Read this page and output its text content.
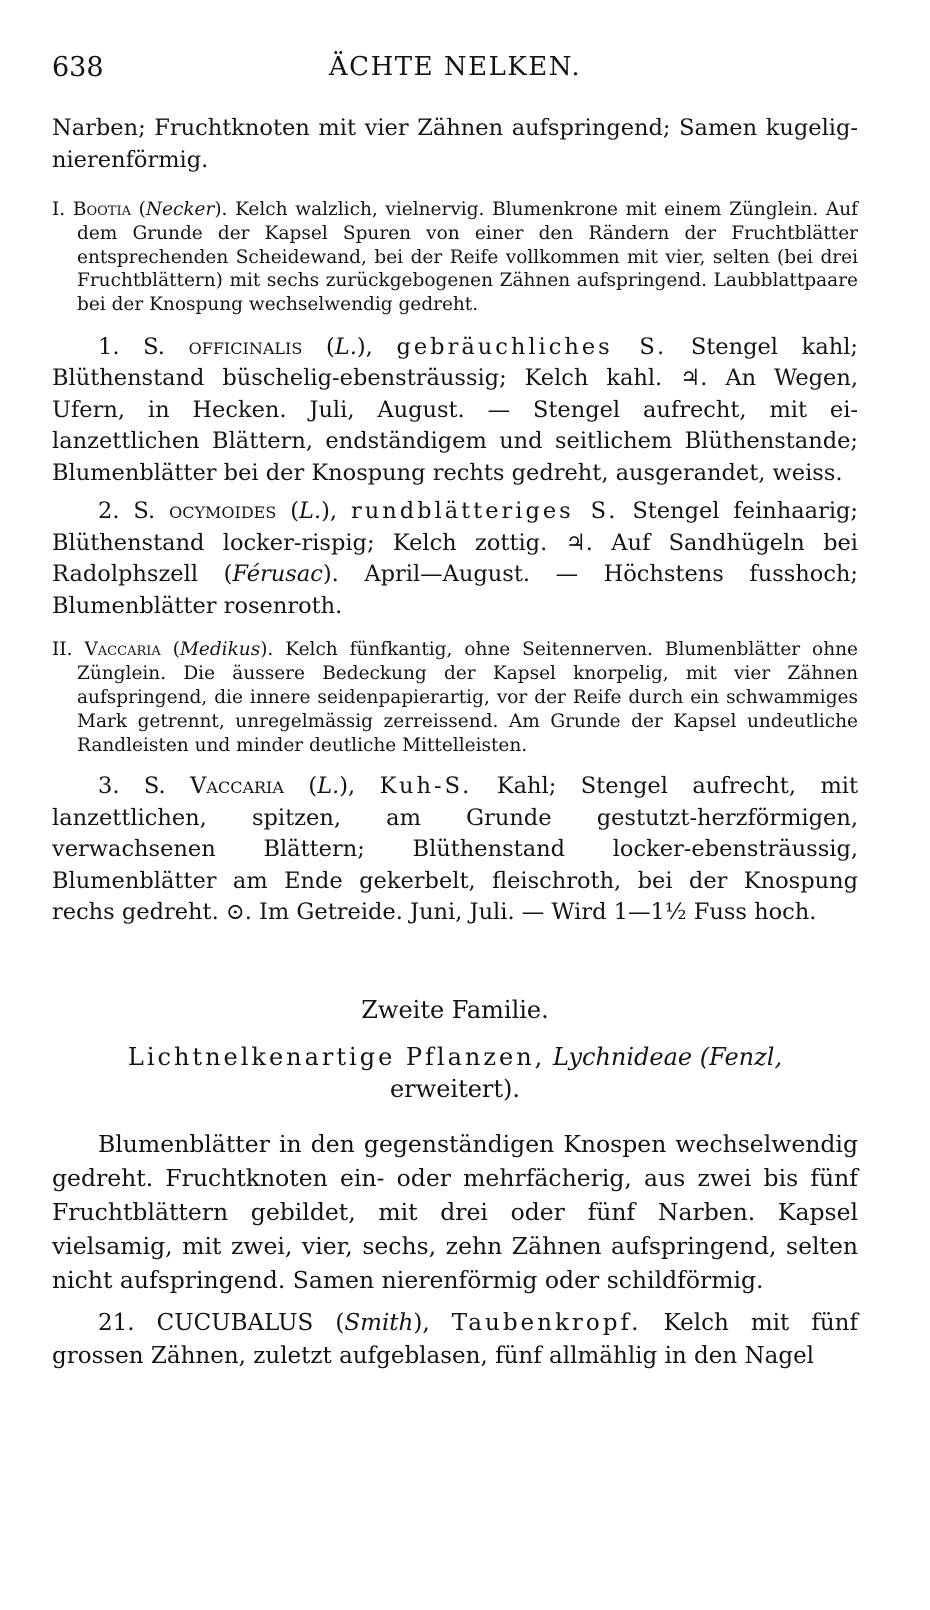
638	ÄCHTE NELKEN.

Narben; Fruchtknoten mit vier Zähnen aufspringend; Samen kugelig-nierenförmig.

I. Bootia (Necker). Kelch walzlich, vielnervig. Blumenkrone mit einem Zünglein. Auf dem Grunde der Kapsel Spuren von einer den Rändern der Fruchtblätter entsprechenden Scheidewand, bei der Reife vollkommen mit vier, selten (bei drei Fruchtblättern) mit sechs zurückgebogenen Zähnen aufspringend. Laubblattpaare bei der Knospung wechselwendig gedreht.

1. S. officinalis (L.), gebräuchliches S. Stengel kahl; Blüthenstand büschelig-ebensträussig; Kelch kahl. ♃. An Wegen, Ufern, in Hecken. Juli, August. — Stengel aufrecht, mit ei-lanzettlichen Blättern, endständigem und seitlichem Blüthenstande; Blumenblätter bei der Knospung rechts gedreht, ausgerandet, weiss.

2. S. ocymoides (L.), rundblätteriges S. Stengel feinhaarig; Blüthenstand locker-rispig; Kelch zottig. ♃. Auf Sandhügeln bei Radolphszell (Férusac). April—August. — Höchstens fusshoch; Blumenblätter rosenroth.

II. Vaccaria (Medikus). Kelch fünfkantig, ohne Seitennerven. Blumenblätter ohne Zünglein. Die äussere Bedeckung der Kapsel knorpelig, mit vier Zähnen aufspringend, die innere seidenpapierartig, vor der Reife durch ein schwammiges Mark getrennt, unregelmässig zerreissend. Am Grunde der Kapsel undeutliche Randleisten und minder deutliche Mittelleisten.

3. S. Vaccaria (L.), Kuh-S. Kahl; Stengel aufrecht, mit lanzettlichen, spitzen, am Grunde gestutzt-herzförmigen, verwachsenen Blättern; Blüthenstand locker-ebensträussig, Blumenblätter am Ende gekerbelt, fleischroth, bei der Knospung rechs gedreht. ⊙. Im Getreide. Juni, Juli. — Wird 1—1½ Fuss hoch.

Zweite Familie.
Lichtnelkenartige Pflanzen, Lychnideae (Fenzl,
erweitert).

Blumenblätter in den gegenständigen Knospen wechselwendig gedreht. Fruchtknoten ein- oder mehrfächerig, aus zwei bis fünf Fruchtblättern gebildet, mit drei oder fünf Narben. Kapsel vielsamig, mit zwei, vier, sechs, zehn Zähnen aufspringend, selten nicht aufspringend. Samen nierenförmig oder schildförmig.

21. CUCUBALUS (Smith), Taubenkropf. Kelch mit fünf grossen Zähnen, zuletzt aufgeblasen, fünf allmählig in den Nagel
